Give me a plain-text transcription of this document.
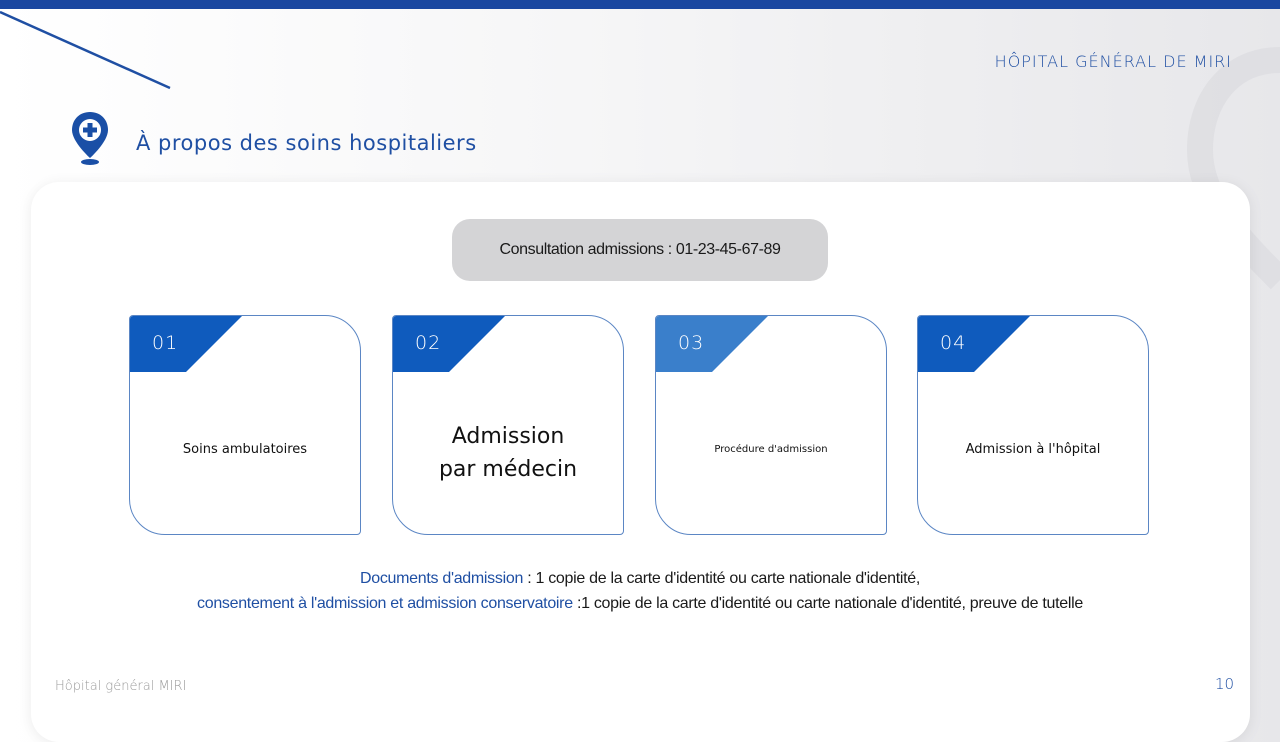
HÔPITAL GÉNÉRAL DE MIRI
À propos des soins hospitaliers
Consultation admissions : 01-23-45-67-89
01
Soins ambulatoires
02
Admission par médecin
03
Procédure d'admission
04
Admission à l'hôpital
Documents d'admission : 1 copie de la carte d'identité ou carte nationale d'identité,
consentement à l'admission et admission conservatoire :1 copie de la carte d'identité ou carte nationale d'identité, preuve de tutelle
Hôpital général MIRI	10
